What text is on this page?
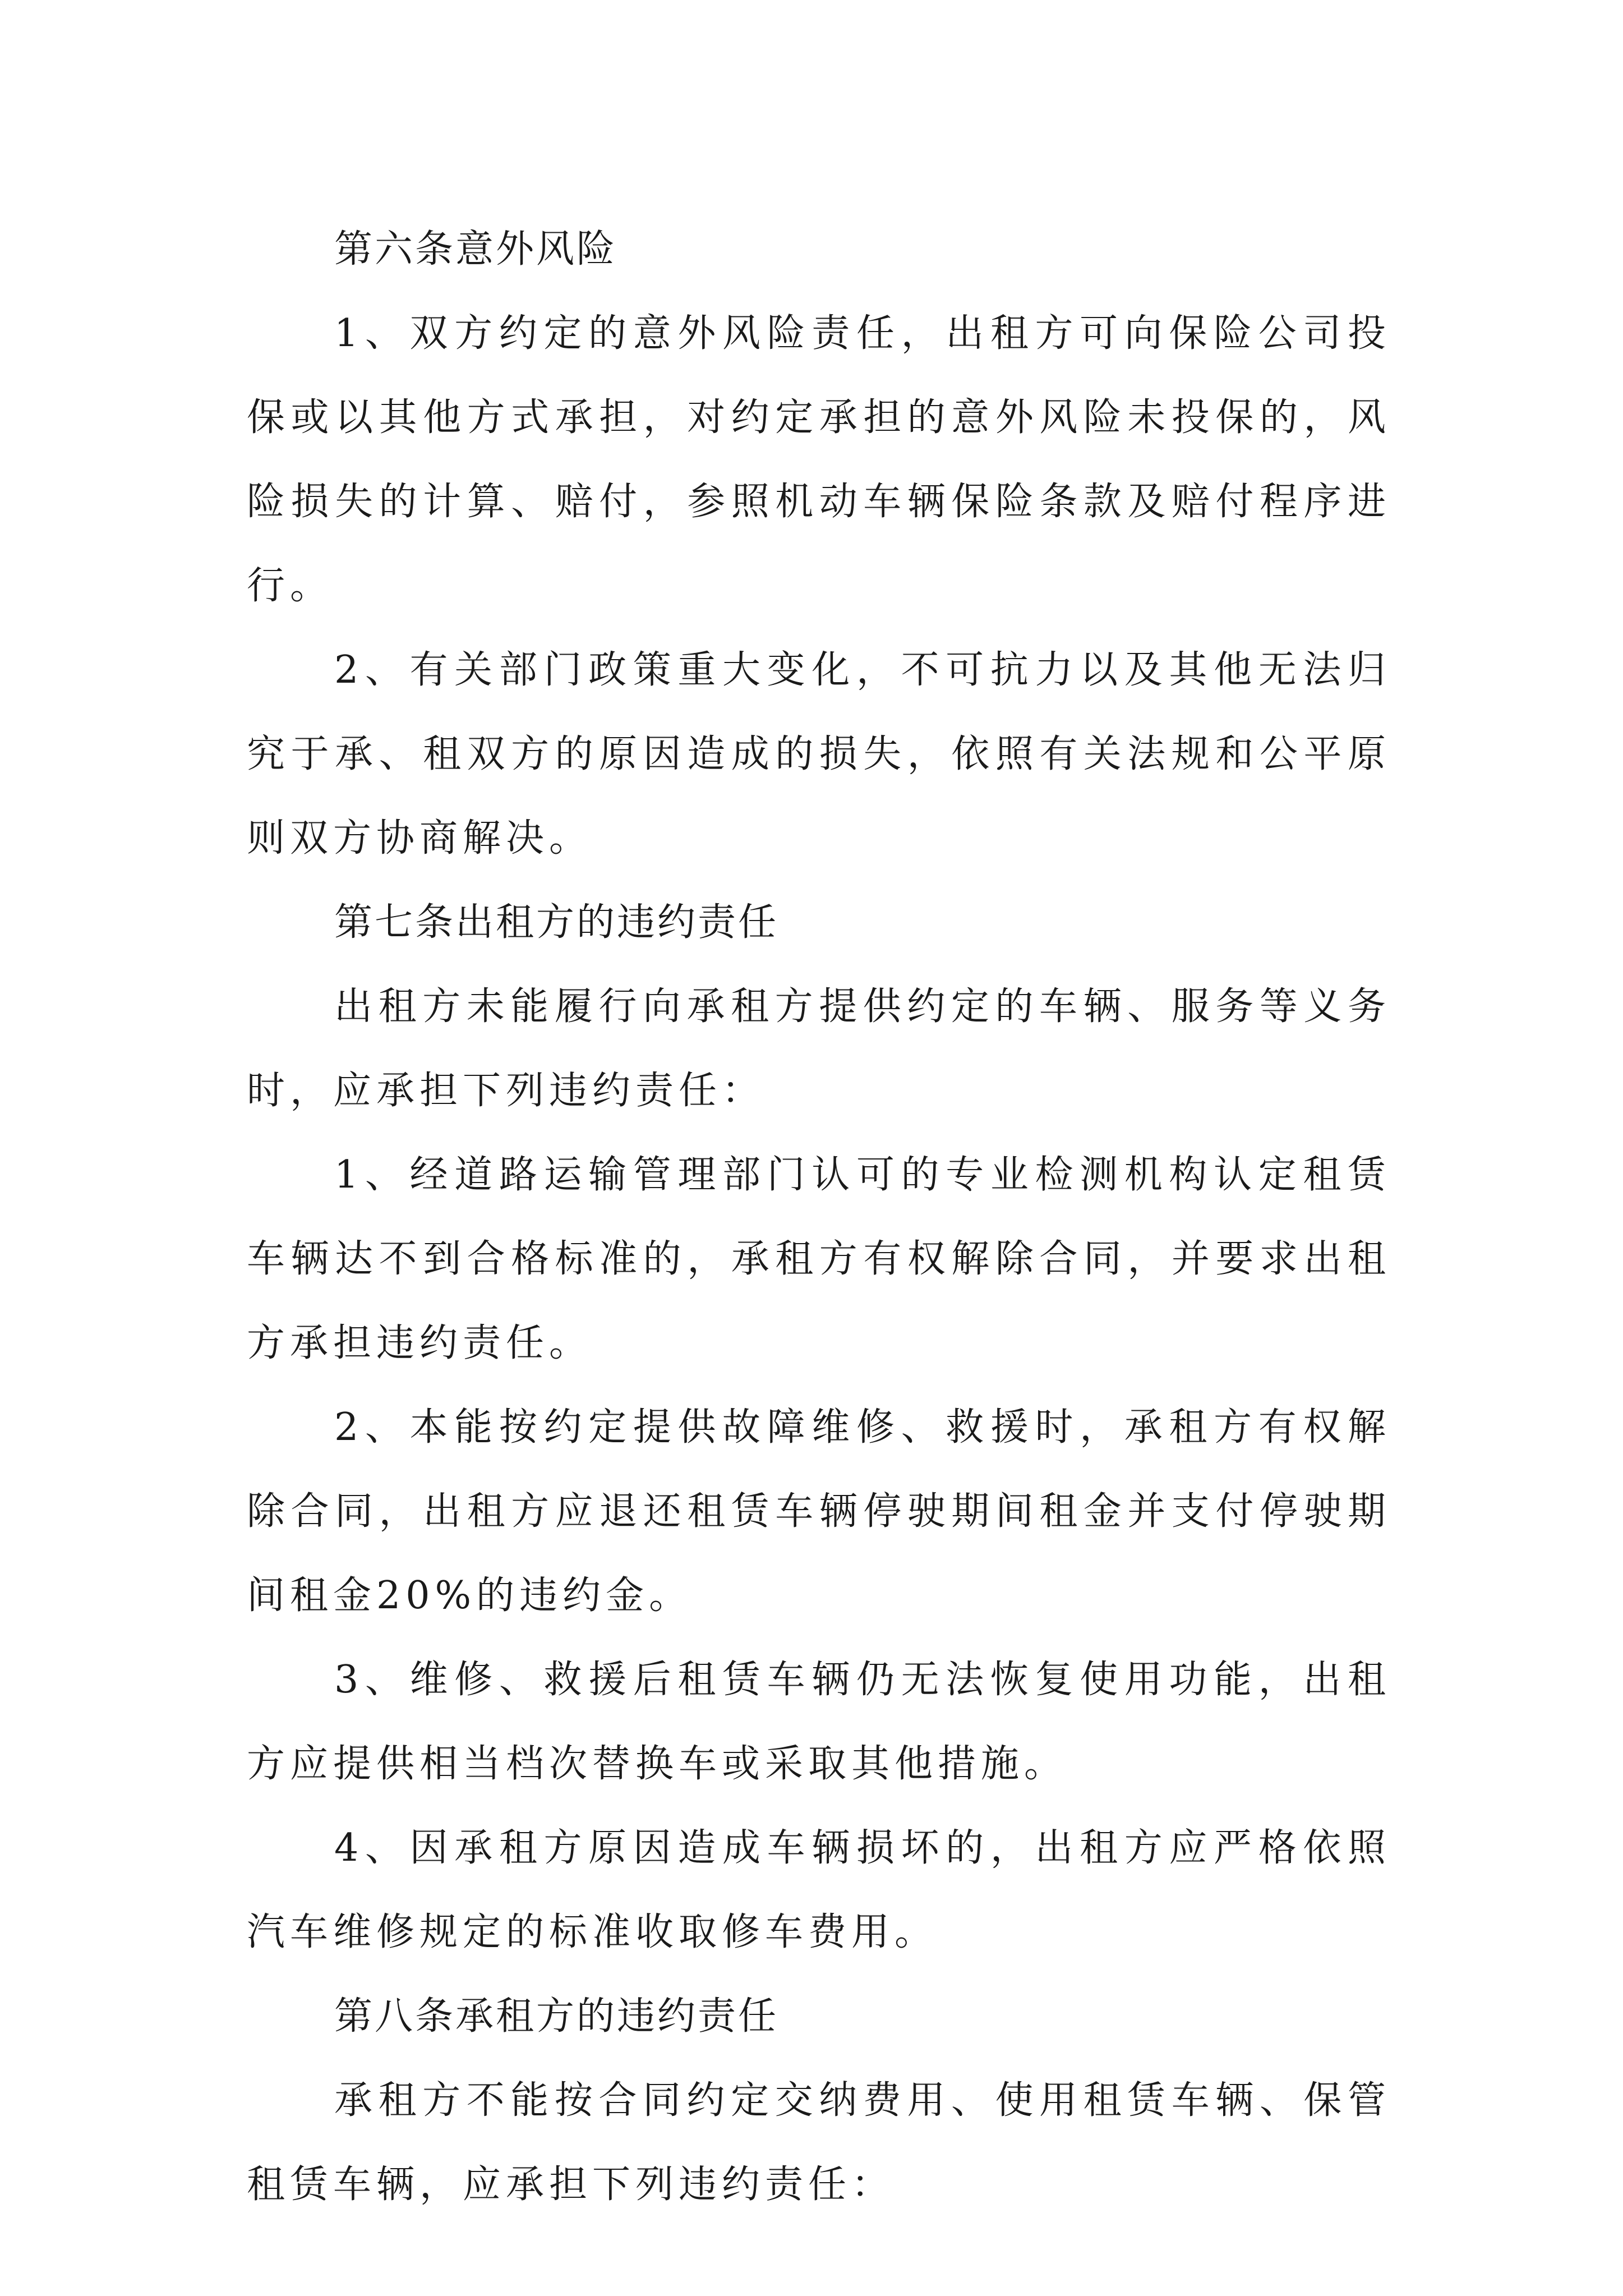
第六条意外风险

1、双方约定的意外风险责任，出租方可向保险公司投保或以其他方式承担，对约定承担的意外风险未投保的，风险损失的计算、赔付，参照机动车辆保险条款及赔付程序进行。

2、有关部门政策重大变化，不可抗力以及其他无法归究于承、租双方的原因造成的损失，依照有关法规和公平原则双方协商解决。

第七条出租方的违约责任

出租方未能履行向承租方提供约定的车辆、服务等义务时，应承担下列违约责任：

1、经道路运输管理部门认可的专业检测机构认定租赁车辆达不到合格标准的，承租方有权解除合同，并要求出租方承担违约责任。

2、本能按约定提供故障维修、救援时，承租方有权解除合同，出租方应退还租赁车辆停驶期间租金并支付停驶期间租金20%的违约金。

3、维修、救援后租赁车辆仍无法恢复使用功能，出租方应提供相当档次替换车或采取其他措施。

4、因承租方原因造成车辆损坏的，出租方应严格依照汽车维修规定的标准收取修车费用。

第八条承租方的违约责任

承租方不能按合同约定交纳费用、使用租赁车辆、保管租赁车辆，应承担下列违约责任：
